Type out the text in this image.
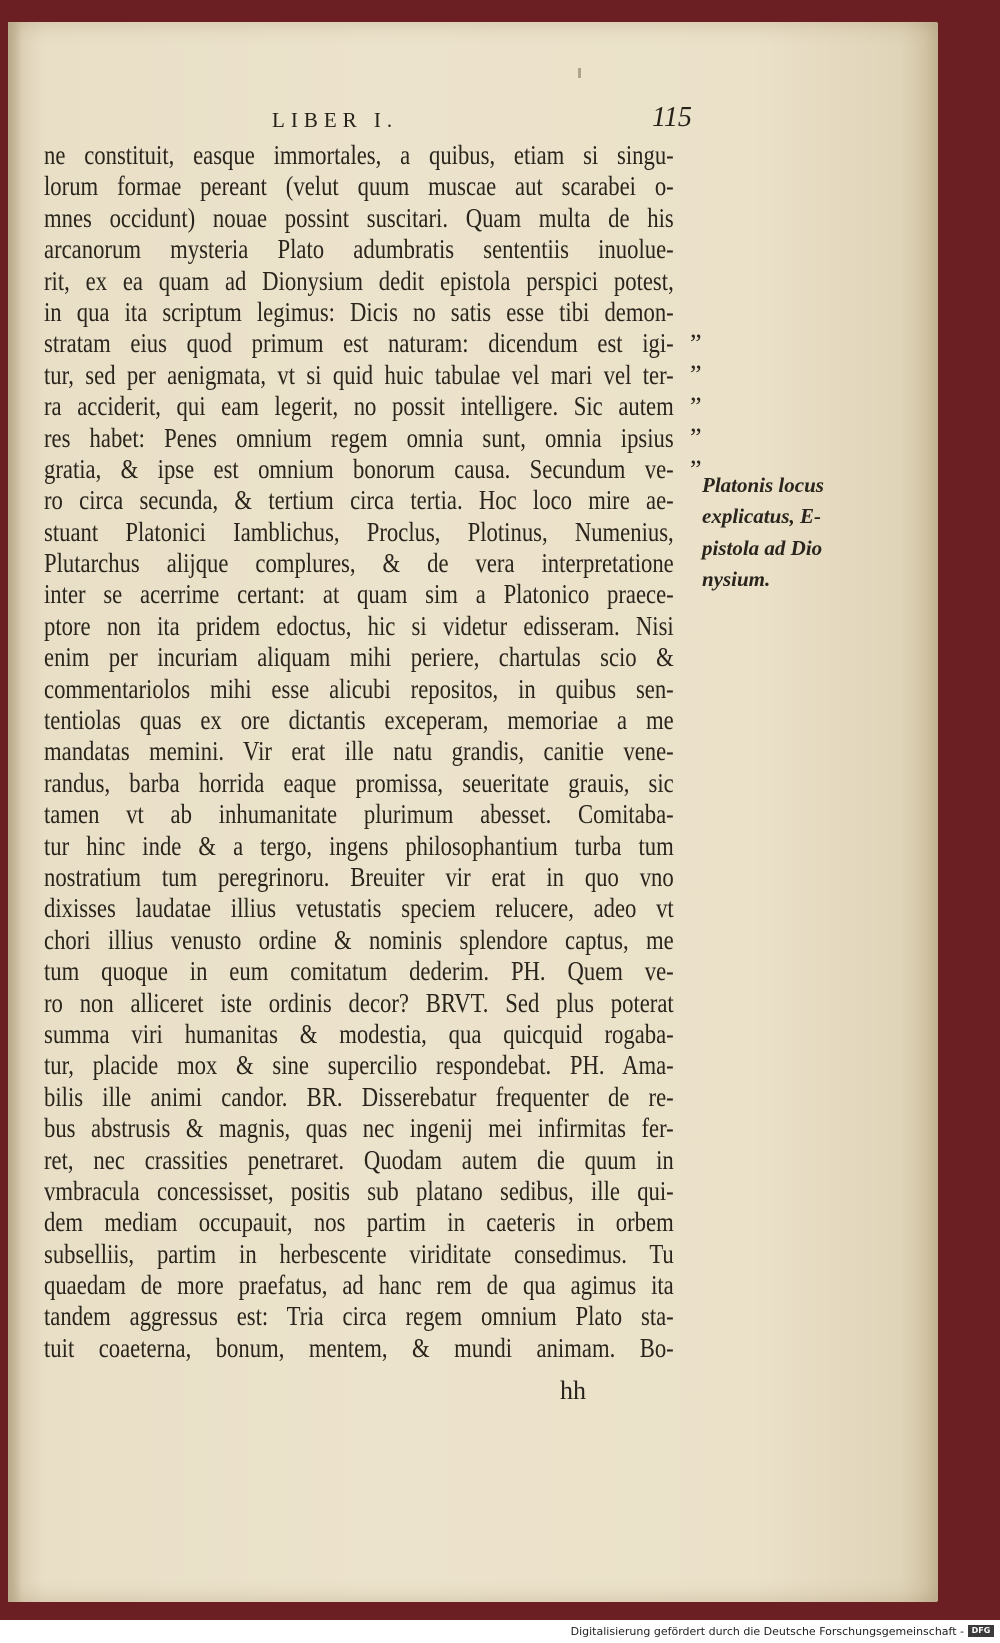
LIBER I.	115
ne constituit, easque immortales, a quibus, etiam si singu-
lorum formae pereant (velut quum muscae aut scarabei o-
mnes occidunt) nouae possint suscitari. Quam multa de his
arcanorum mysteria Plato adumbratis sententiis inuolue-
rit, ex ea quam ad Dionysium dedit epistola perspici potest,
in qua ita scriptum legimus: Dicis no satis esse tibi demon-
stratam eius quod primum est naturam: dicendum est igi-
tur, sed per aenigmata, vt si quid huic tabulae vel mari vel ter-
ra acciderit, qui eam legerit, no possit intelligere. Sic autem
res habet: Penes omnium regem omnia sunt, omnia ipsius
gratia, & ipse est omnium bonorum causa. Secundum ve-
ro circa secunda, & tertium circa tertia. Hoc loco mire ae-
stuant Platonici Iamblichus, Proclus, Plotinus, Numenius,
Plutarchus alijque complures, & de vera interpretatione
inter se acerrime certant: at quam sim a Platonico praece-
ptore non ita pridem edoctus, hic si videtur edisseram. Nisi
enim per incuriam aliquam mihi periere, chartulas scio &
commentariolos mihi esse alicubi repositos, in quibus sen-
tentiolas quas ex ore dictantis exceperam, memoriae a me
mandatas memini. Vir erat ille natu grandis, canitie vene-
randus, barba horrida eaque promissa, seueritate grauis, sic
tamen vt ab inhumanitate plurimum abesset. Comitaba-
tur hinc inde & a tergo, ingens philosophantium turba tum
nostratium tum peregrinoru. Breuiter vir erat in quo vno
dixisses laudatae illius vetustatis speciem relucere, adeo vt
chori illius venusto ordine & nominis splendore captus, me
tum quoque in eum comitatum dederim. PH. Quem ve-
ro non alliceret iste ordinis decor? BRVT. Sed plus poterat
summa viri humanitas & modestia, qua quicquid rogaba-
tur, placide mox & sine supercilio respondebat. PH. Ama-
bilis ille animi candor. BR. Disserebatur frequenter de re-
bus abstrusis & magnis, quas nec ingenij mei infirmitas fer-
ret, nec crassities penetraret. Quodam autem die quum in
vmbracula concessisset, positis sub platano sedibus, ille qui-
dem mediam occupauit, nos partim in caeteris in orbem
subselliis, partim in herbescente viriditate consedimus. Tu
quaedam de more praefatus, ad hanc rem de qua agimus ita
tandem aggressus est: Tria circa regem omnium Plato sta-
tuit coaeterna, bonum, mentem, & mundi animam. Bo-
”
”
”
”
”
Platonis locus
explicatus, E-
pistola ad Dio
nysium.
hh
Digitalisierung gefördert durch die Deutsche Forschungsgemeinschaft - DFG
